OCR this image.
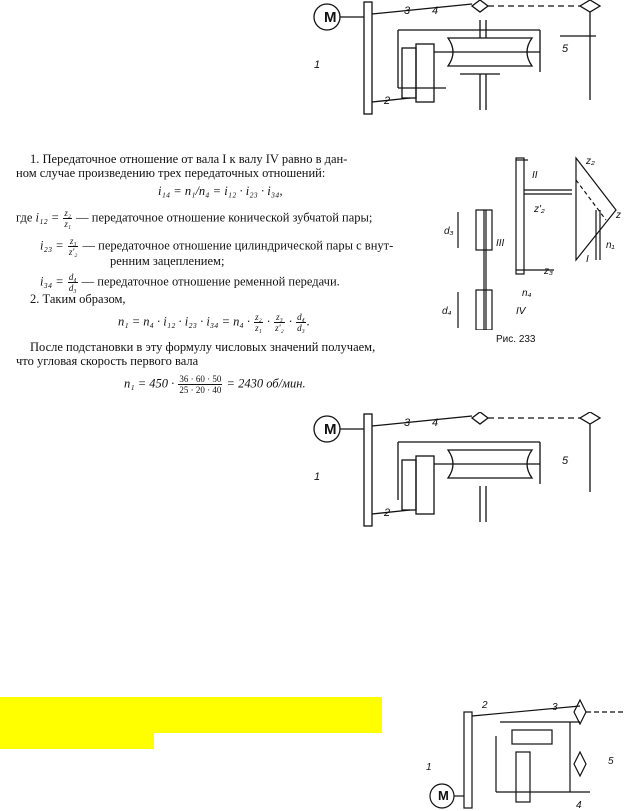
M
1
2
3 4
5
1. Передаточное отношение от вала I к валу IV равно в дан-
ном случае произведению трех передаточных отношений:
i₁₄ = n₁/n₄ = i₁₂ · i₂₃ · i₃₄,
где $i_{12} = \frac{\text{z₂}}{\text{z₁}}$ — передаточное отношение конической зубчатой пары;
$i_{23} = \frac{\text{z₃}}{\text{z'₂}}$ — передаточное отношение цилиндрической пары с внут-
ренним зацеплением;
$i_{34} = \frac{\text{d₄}}{\text{d₃}}$ — передаточное отношение ременной передачи.
2. Таким образом,
$n_1 = n_4 \cdot i_{12} \cdot i_{23} \cdot i_{34} = n_4 \cdot \frac{\text{z₂}}{\text{z₁}} \cdot \frac{\text{z₃}}{\text{z'₂}} \cdot \frac{\text{d₄}}{\text{d₃}}$ .
После подстановки в эту формулу числовых значений получаем,
что угловая скорость первого вала
$n_1 = 450 \cdot \frac{36 \cdot 60 \cdot 50}{25 \cdot 20 \cdot 40} = 2430$ об/мин.
z₂
II
z'₂
z
d₃
III	n₁
I
z₃
d₄
n₄
IV
Рис. 233
M
1
2
3 4
5
M
1
2	3
4
5
